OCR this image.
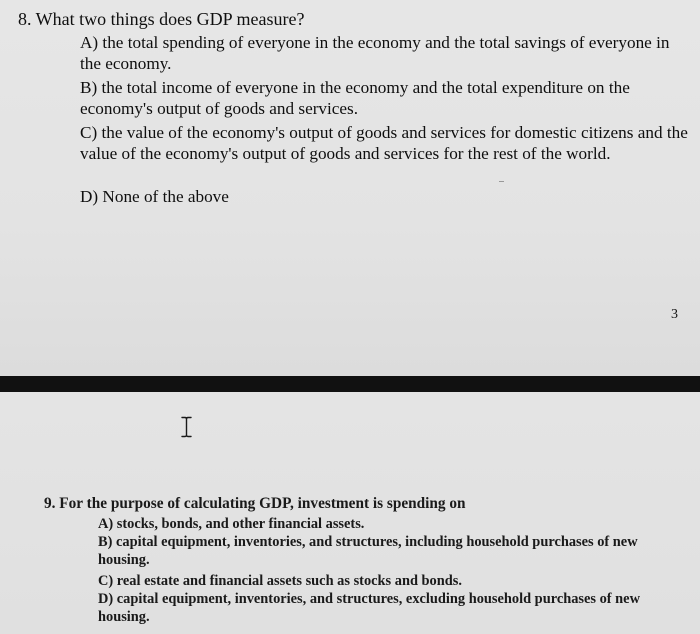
8. What two things does GDP measure?
A) the total spending of everyone in the economy and the total savings of everyone in the economy.
B) the total income of everyone in the economy and the total expenditure on the economy's output of goods and services.
C) the value of the economy's output of goods and services for domestic citizens and the value of the economy's output of goods and services for the rest of the world.
D) None of the above
3
9. For the purpose of calculating GDP, investment is spending on
A) stocks, bonds, and other financial assets.
B) capital equipment, inventories, and structures, including household purchases of new housing.
C) real estate and financial assets such as stocks and bonds.
D) capital equipment, inventories, and structures, excluding household purchases of new housing.
